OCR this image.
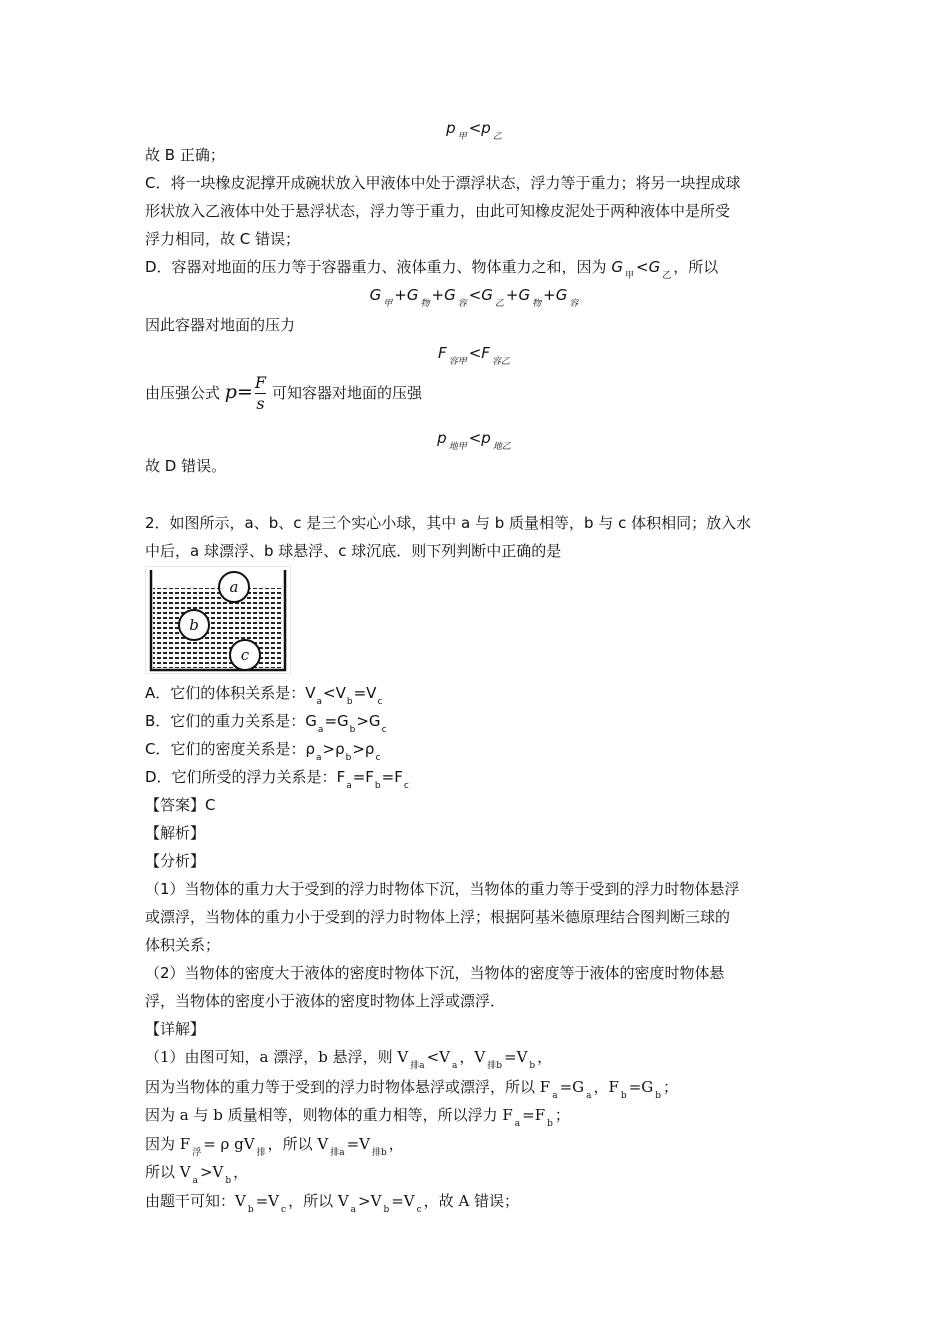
p $_甲$ <p $_乙$
故 B 正确；
C．将一块橡皮泥撑开成碗状放入甲液体中处于漂浮状态，浮力等于重力；将另一块捏成球
形状放入乙液体中处于悬浮状态，浮力等于重力，由此可知橡皮泥处于两种液体中是所受
浮力相同，故 C 错误；
D．容器对地面的压力等于容器重力、液体重力、物体重力之和，因为 G $_甲$ <G $_乙$ ，所以
G $_甲$ +G $_物$ +G $_容$ <G $_乙$ +G $_物$ +G $_容$
因此容器对地面的压力
F $_{容甲}$ <F $_{容乙}$
由压强公式 $p= \frac{F}{s}$ 可知容器对地面的压强
p $_{地甲}$ <p $_{地乙}$
故 D 错误。
2．如图所示，a、b、c 是三个实心小球，其中 a 与 b 质量相等，b 与 c 体积相同；放入水
中后，a 球漂浮、b 球悬浮、c 球沉底．则下列判断中正确的是
a
b
c
A．它们的体积关系是：$V_a<V_b=V_c$
B．它们的重力关系是：$G_a=G_b>G_c$
C．它们的密度关系是：$\rho_a>\rho_b>\rho_c$
D．它们所受的浮力关系是：$F_a=F_b=F_c$
【答案】C
【解析】
【分析】
（1）当物体的重力大于受到的浮力时物体下沉，当物体的重力等于受到的浮力时物体悬浮
或漂浮，当物体的重力小于受到的浮力时物体上浮；根据阿基米德原理结合图判断三球的
体积关系；
（2）当物体的密度大于液体的密度时物体下沉，当物体的密度等于液体的密度时物体悬
浮，当物体的密度小于液体的密度时物体上浮或漂浮．
【详解】
（1）由图可知，a 漂浮，b 悬浮，则 V $_{排a}$ <V $_a$ ，V $_{排b}$ =V $_b$ ，
因为当物体的重力等于受到的浮力时物体悬浮或漂浮，所以 F $_a$ =G $_a$ ，F $_b$ =G $_b$ ；
因为 a 与 b 质量相等，则物体的重力相等，所以浮力 F $_a$ =F $_b$ ；
因为 F $_浮$ = ρ gV $_排$ ，所以 V $_{排a}$ =V $_{排b}$ ，
所以 V $_a$ >V $_b$ ，
由题干可知：V $_b$ =V $_c$ ，所以 V $_a$ >V $_b$ =V $_c$ ，故 A 错误；
